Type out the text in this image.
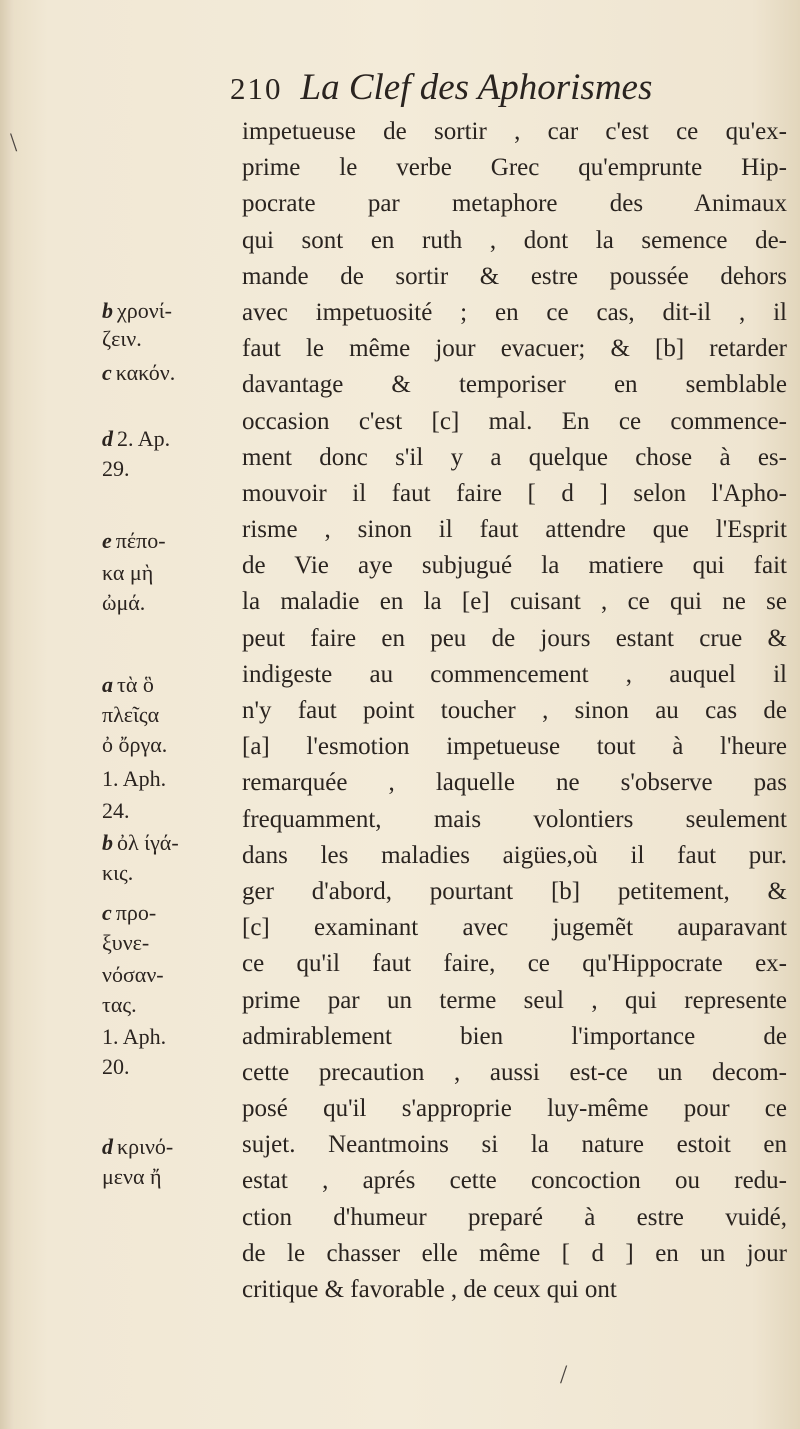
210 La Clef des Aphorismes
impetueuse de sortir , car c'est ce qu'ex-
prime le verbe Grec qu'emprunte Hip-
pocrate par metaphore des Animaux
qui sont en ruth , dont la semence de-
mande de sortir & estre poussée dehors
avec impetuosité ; en ce cas, dit-il , il
faut le même jour evacuer; & [b] retarder
davantage & temporiser en semblable
occasion c'est [c] mal. En ce commence-
ment donc s'il y a quelque chose à es-
mouvoir il faut faire [ d ] selon l'Apho-
risme , sinon il faut attendre que l'Esprit
de Vie aye subjugué la matiere qui fait
la maladie en la [e] cuisant , ce qui ne se
peut faire en peu de jours estant crue &
indigeste au commencement , auquel il
n'y faut point toucher , sinon au cas de
[a] l'esmotion impetueuse tout à l'heure
remarquée , laquelle ne s'observe pas
frequamment, mais volontiers seulement
dans les maladies aigües,où il faut pur.
ger d'abord, pourtant [b] petitement, &
[c] examinant avec jugemẽt auparavant
ce qu'il faut faire, ce qu'Hippocrate ex-
prime par un terme seul , qui represente
admirablement bien l'importance de
cette precaution , aussi est-ce un decom-
posé qu'il s'approprie luy-même pour ce
sujet. Neantmoins si la nature estoit en
estat , aprés cette concoction ou redu-
ction d'humeur preparé à estre vuidé,
de le chasser elle même [ d ] en un jour
critique & favorable , de ceux qui ont
b χρονί-
ζειν.
c κακόν.
d 2. Ap.
29.
e πέπο-
κα μὴ
ὠμά.
a τὰ ὃ
πλεῖςα
ὀ ὄργα.
1. Aph.
24.
b ὀλ ίγά-
κις.
c προ-
ξυνε-
νόσαν-
τας.
1. Aph.
20.
d κρινό-
μενα ἤ
\
/
